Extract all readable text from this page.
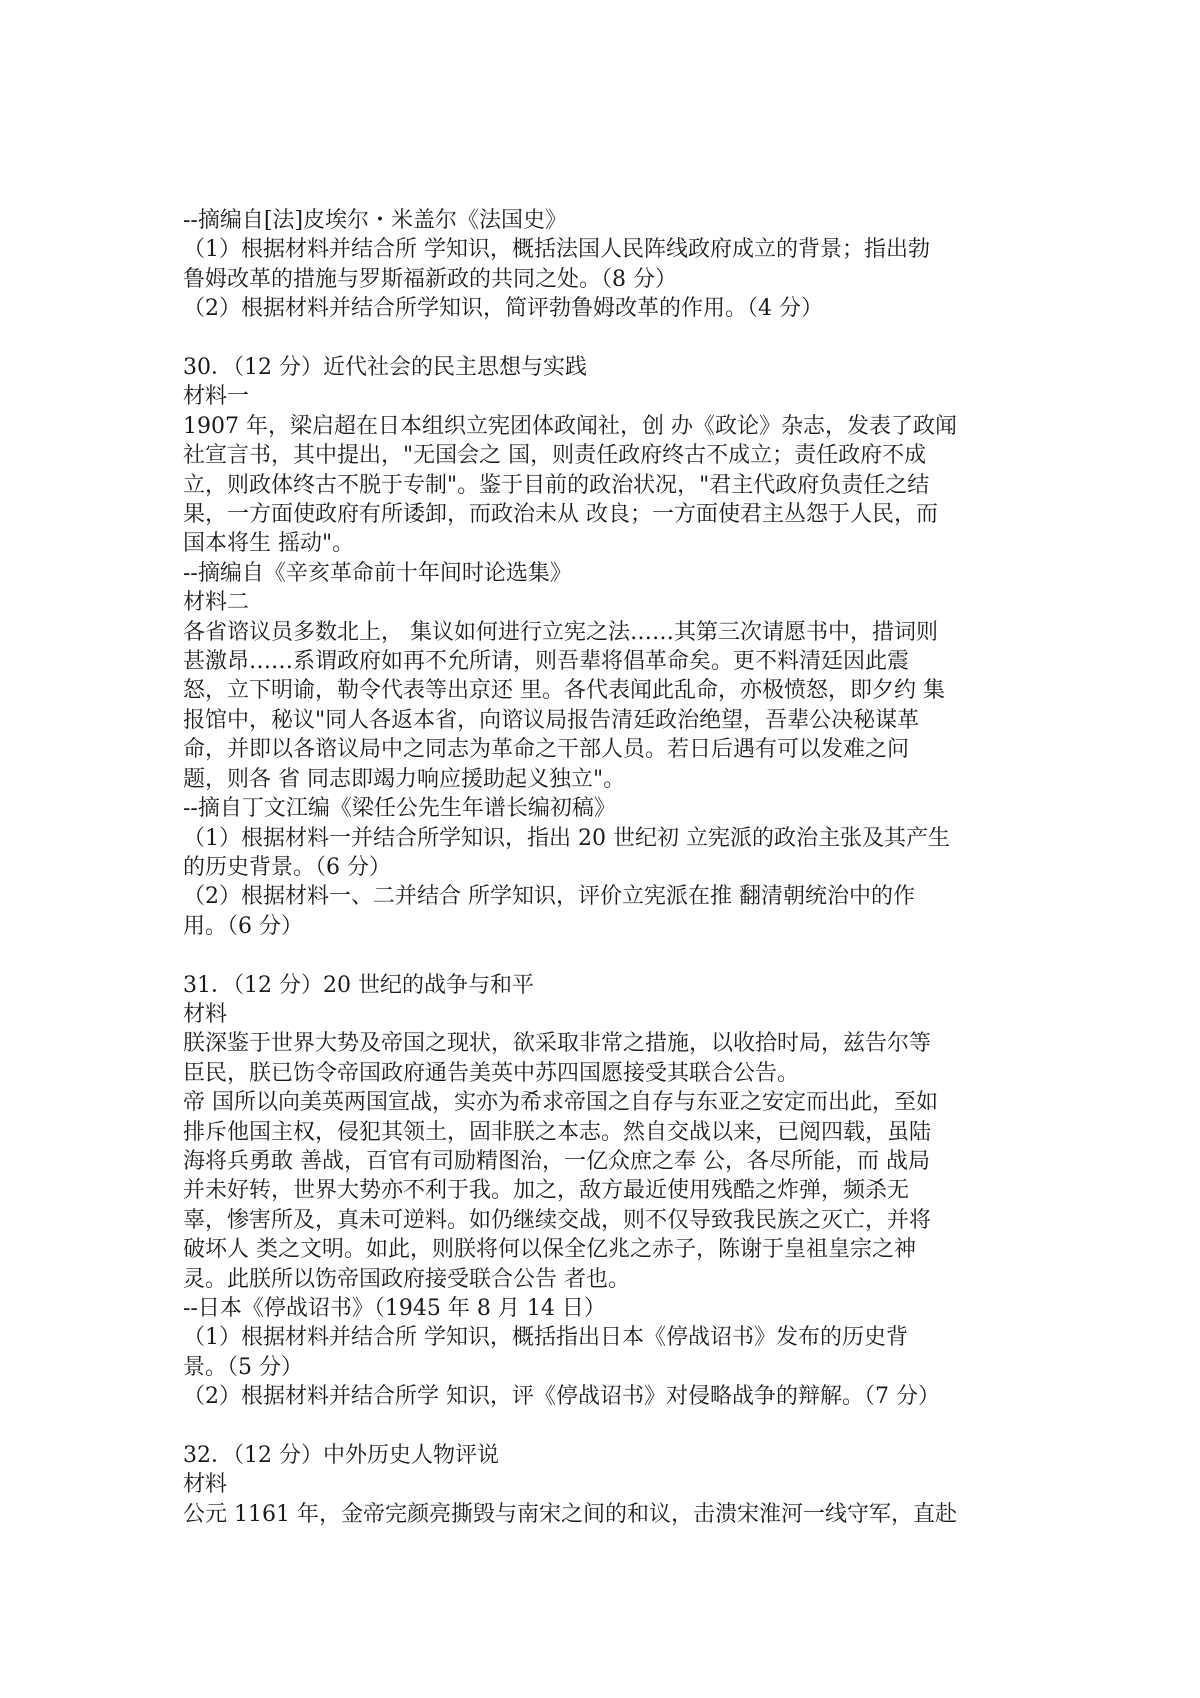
--摘编自[法]皮埃尔・米盖尔《法国史》

（1）根据材料并结合所 学知识，概括法国人民阵线政府成立的背景；指出勃

鲁姆改革的措施与罗斯福新政的共同之处。（8 分）

（2）根据材料并结合所学知识，简评勃鲁姆改革的作用。（4 分）

30．（12 分）近代社会的民主思想与实践

材料一

1907 年，梁启超在日本组织立宪团体政闻社，创 办《政论》杂志，发表了政闻

社宣言书，其中提出，"无国会之 国，则责任政府终古不成立；责任政府不成

立，则政体终古不脱于专制"。鉴于目前的政治状况，"君主代政府负责任之结

果，一方面使政府有所诿卸，而政治未从 改良；一方面使君主丛怨于人民，而

国本将生 摇动"。

--摘编自《辛亥革命前十年间时论选集》

材料二

各省谘议员多数北上， 集议如何进行立宪之法……其第三次请愿书中，措词则

甚激昂……系谓政府如再不允所请，则吾辈将倡革命矣。更不料清廷因此震

怒，立下明谕，勒令代表等出京还 里。各代表闻此乱命，亦极愤怒，即夕约 集

报馆中，秘议"同人各返本省，向谘议局报告清廷政治绝望，吾辈公决秘谋革

命，并即以各谘议局中之同志为革命之干部人员。若日后遇有可以发难之问

题，则各 省 同志即竭力响应援助起义独立"。

--摘自丁文江编《梁任公先生年谱长编初稿》

（1）根据材料一并结合所学知识，指出 20 世纪初 立宪派的政治主张及其产生

的历史背景。（6 分）

（2）根据材料一、二并结合 所学知识，评价立宪派在推 翻清朝统治中的作

用。（6 分）

31．（12 分）20 世纪的战争与和平

材料

朕深鉴于世界大势及帝国之现状，欲采取非常之措施，以收拾时局，兹告尔等

臣民，朕已饬令帝国政府通告美英中苏四国愿接受其联合公告。

帝 国所以向美英两国宣战，实亦为希求帝国之自存与东亚之安定而出此，至如

排斥他国主权，侵犯其领土，固非朕之本志。然自交战以来，已阅四载，虽陆

海将兵勇敢 善战，百官有司励精图治，一亿众庶之奉 公，各尽所能，而 战局

并未好转，世界大势亦不利于我。加之，敌方最近使用残酷之炸弹，频杀无

辜，惨害所及，真未可逆料。如仍继续交战，则不仅导致我民族之灭亡，并将

破坏人 类之文明。如此，则朕将何以保全亿兆之赤子，陈谢于皇祖皇宗之神

灵。此朕所以饬帝国政府接受联合公告 者也。

--日本《停战诏书》（1945 年 8 月 14 日）

（1）根据材料并结合所 学知识，概括指出日本《停战诏书》发布的历史背

景。（5 分）

（2）根据材料并结合所学 知识，评《停战诏书》对侵略战争的辩解。（7 分）

32．（12 分）中外历史人物评说

材料

公元 1161 年，金帝完颜亮撕毁与南宋之间的和议，击溃宋淮河一线守军，直赴
